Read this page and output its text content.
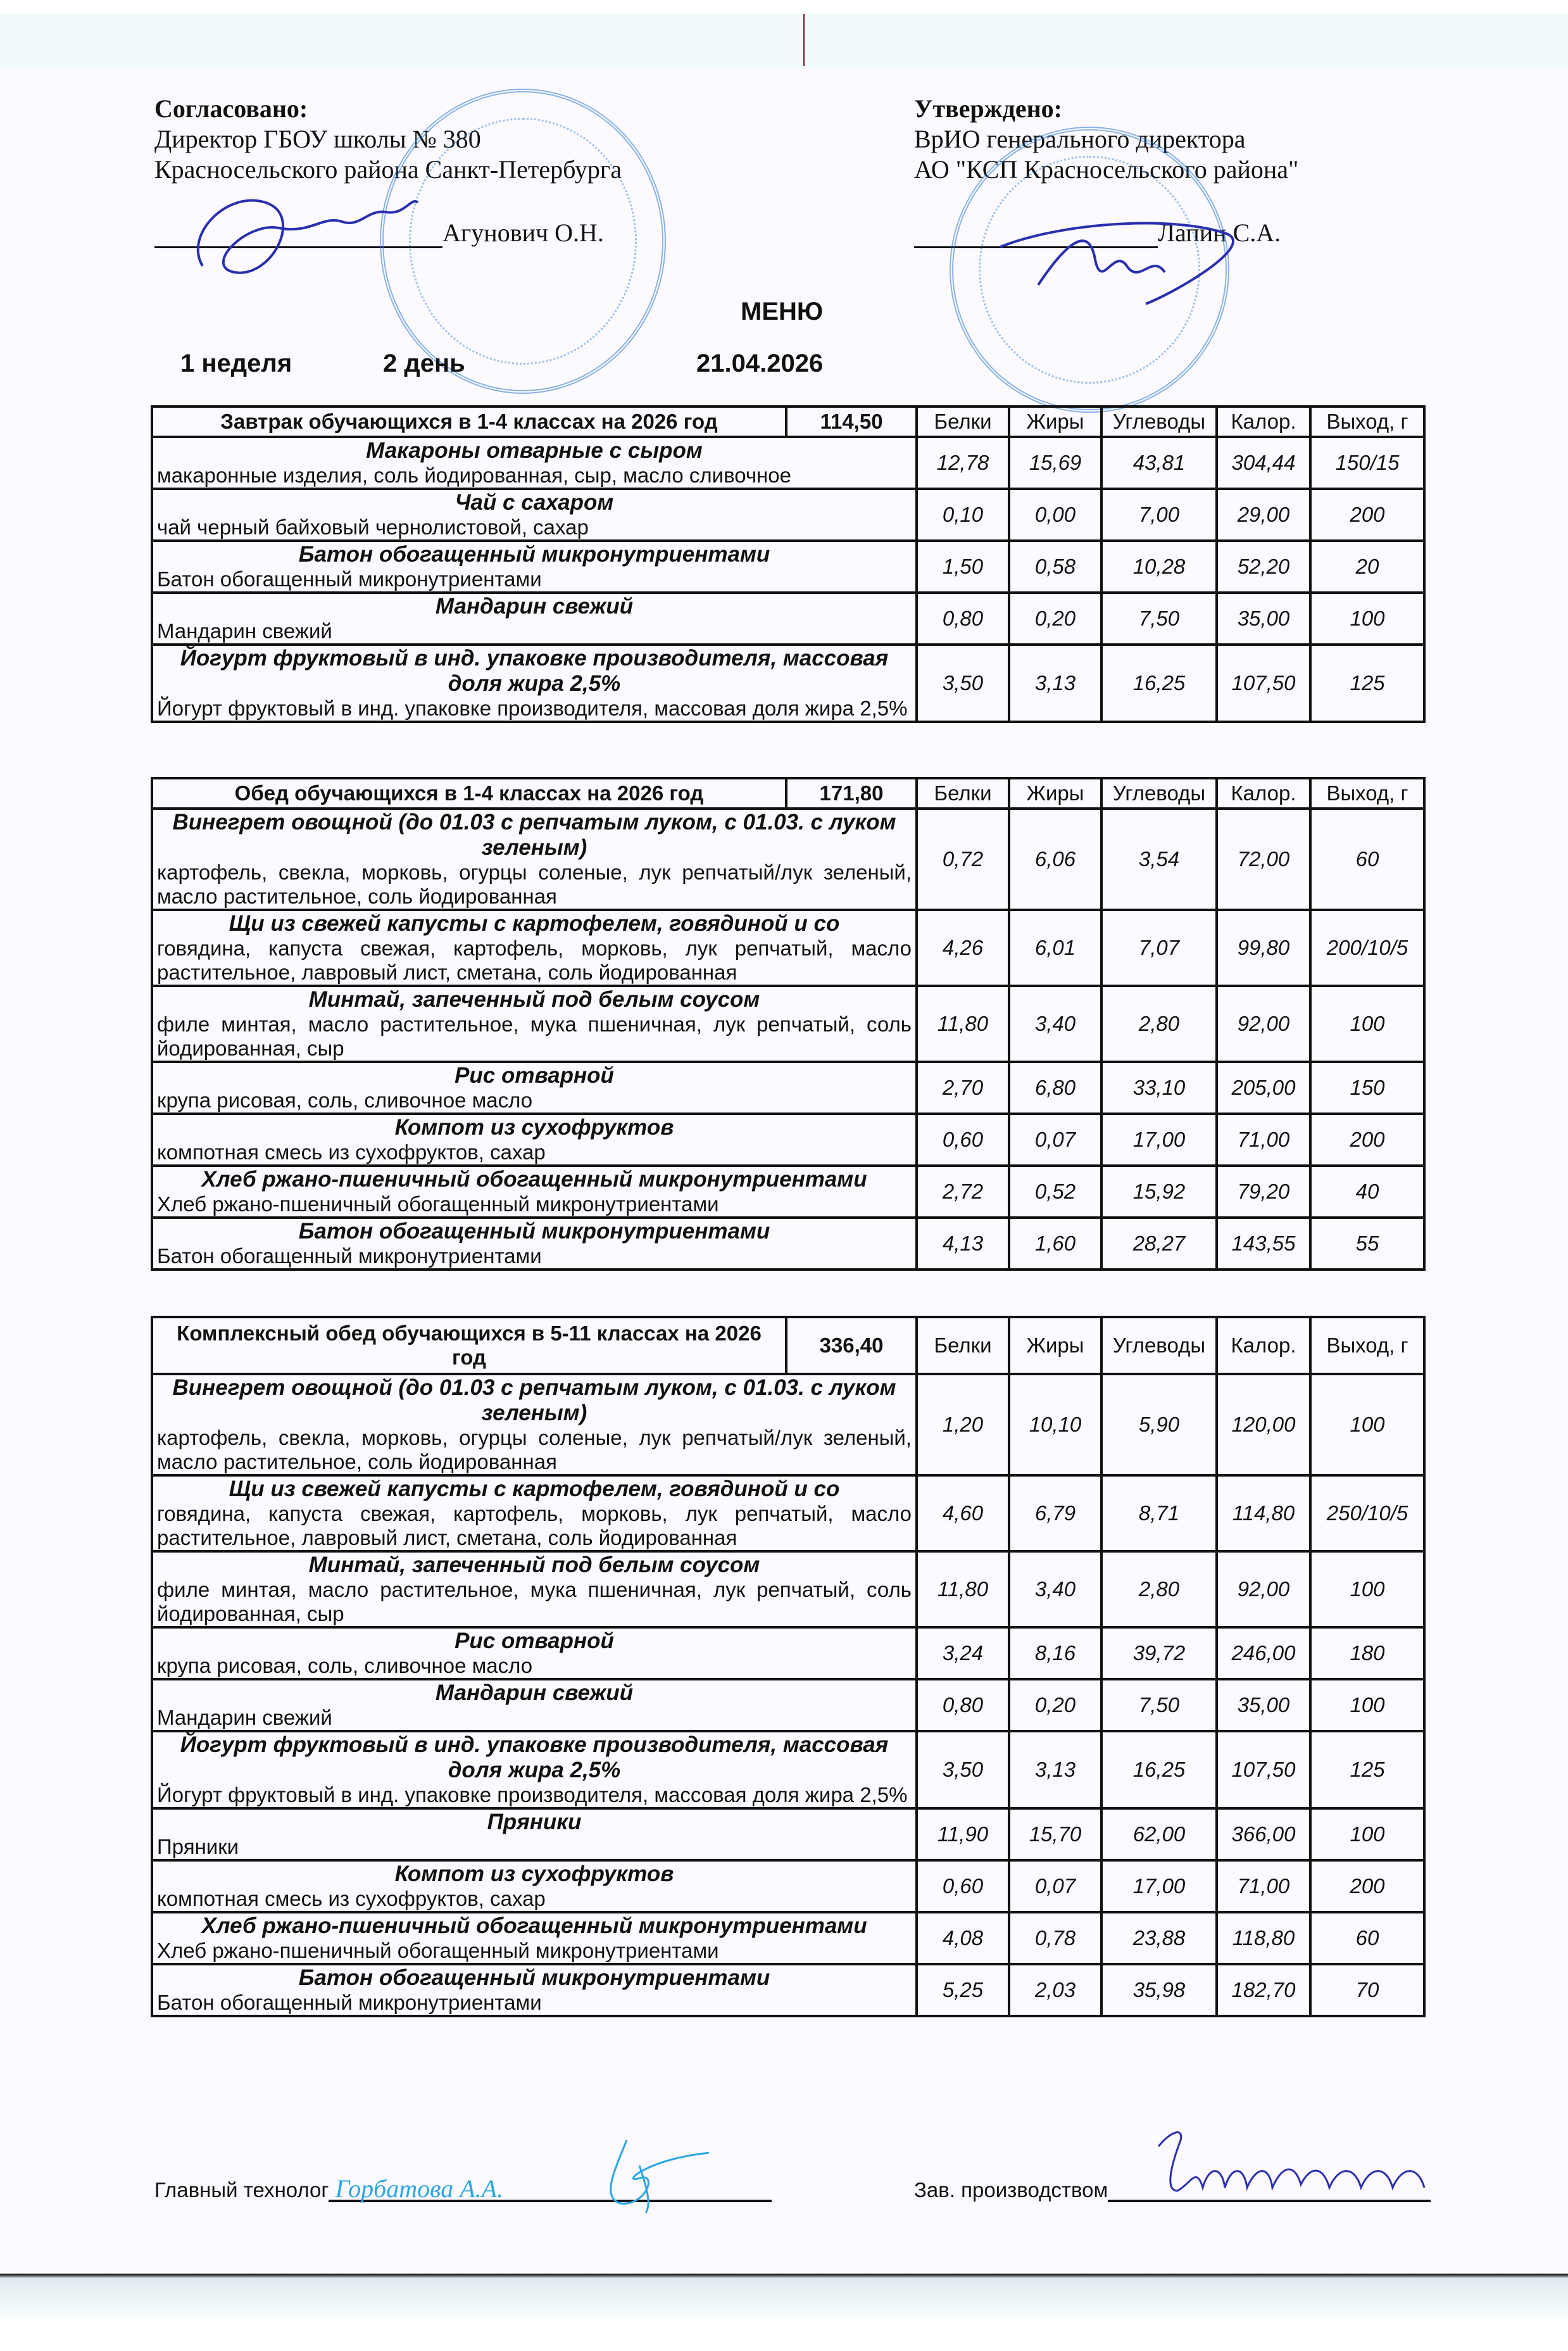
Согласовано:
Директор ГБОУ школы № 380
Красносельского района Санкт-Петербурга
Агунович О.Н.
Утверждено:
ВрИО генерального директора
АО "КСП Красносельского района"
Лапин С.А.
МЕНЮ
1 неделя	2 день	21.04.2026
Завтрак обучающихся в 1-4 классах на 2026 год	114,50	Белки	Жиры	Углеводы	Калор.	Выход, г

Макароны отварные с сыром
макаронные изделия, соль йодированная, сыр, масло сливочное		12,78	15,69	43,81	304,44	150/15

Чай с сахаром
чай черный байховый чернолистовой, сахар		0,10	0,00	7,00	29,00	200

Батон обогащенный микронутриентами
Батон обогащенный микронутриентами		1,50	0,58	10,28	52,20	20

Мандарин свежий
Мандарин свежий		0,80	0,20	7,50	35,00	100

Йогурт фруктовый в инд. упаковке производителя, массовая доля жира 2,5%
Йогурт фруктовый в инд. упаковке производителя, массовая доля жира 2,5%		3,50	3,13	16,25	107,50	125
Обед обучающихся в 1-4 классах на 2026 год	171,80	Белки	Жиры	Углеводы	Калор.	Выход, г

Винегрет овощной (до 01.03 с репчатым луком, с 01.03. с луком зеленым)
картофель, свекла, морковь, огурцы соленые, лук репчатый/лук зеленый, масло растительное, соль йодированная		0,72	6,06	3,54	72,00	60

Щи из свежей капусты с картофелем, говядиной и со
говядина, капуста свежая, картофель, морковь, лук репчатый, масло растительное, лавровый лист, сметана, соль йодированная		4,26	6,01	7,07	99,80	200/10/5

Минтай, запеченный под белым соусом
филе минтая, масло растительное, мука пшеничная, лук репчатый, соль йодированная, сыр		11,80	3,40	2,80	92,00	100

Рис отварной
крупа рисовая, соль, сливочное масло		2,70	6,80	33,10	205,00	150

Компот из сухофруктов
компотная смесь из сухофруктов, сахар		0,60	0,07	17,00	71,00	200

Хлеб ржано-пшеничный обогащенный микронутриентами
Хлеб ржано-пшеничный обогащенный микронутриентами		2,72	0,52	15,92	79,20	40

Батон обогащенный микронутриентами
Батон обогащенный микронутриентами		4,13	1,60	28,27	143,55	55
Комплексный обед обучающихся в 5-11 классах на 2026 год	336,40	Белки	Жиры	Углеводы	Калор.	Выход, г

Винегрет овощной (до 01.03 с репчатым луком, с 01.03. с луком зеленым)
картофель, свекла, морковь, огурцы соленые, лук репчатый/лук зеленый, масло растительное, соль йодированная		1,20	10,10	5,90	120,00	100

Щи из свежей капусты с картофелем, говядиной и со
говядина, капуста свежая, картофель, морковь, лук репчатый, масло растительное, лавровый лист, сметана, соль йодированная		4,60	6,79	8,71	114,80	250/10/5

Минтай, запеченный под белым соусом
филе минтая, масло растительное, мука пшеничная, лук репчатый, соль йодированная, сыр		11,80	3,40	2,80	92,00	100

Рис отварной
крупа рисовая, соль, сливочное масло		3,24	8,16	39,72	246,00	180

Мандарин свежий
Мандарин свежий		0,80	0,20	7,50	35,00	100

Йогурт фруктовый в инд. упаковке производителя, массовая доля жира 2,5%
Йогурт фруктовый в инд. упаковке производителя, массовая доля жира 2,5%		3,50	3,13	16,25	107,50	125

Пряники
Пряники		11,90	15,70	62,00	366,00	100

Компот из сухофруктов
компотная смесь из сухофруктов, сахар		0,60	0,07	17,00	71,00	200

Хлеб ржано-пшеничный обогащенный микронутриентами
Хлеб ржано-пшеничный обогащенный микронутриентами		4,08	0,78	23,88	118,80	60

Батон обогащенный микронутриентами
Батон обогащенный микронутриентами		5,25	2,03	35,98	182,70	70
Главный технолог Горбатова А.А.	Зав. производством
